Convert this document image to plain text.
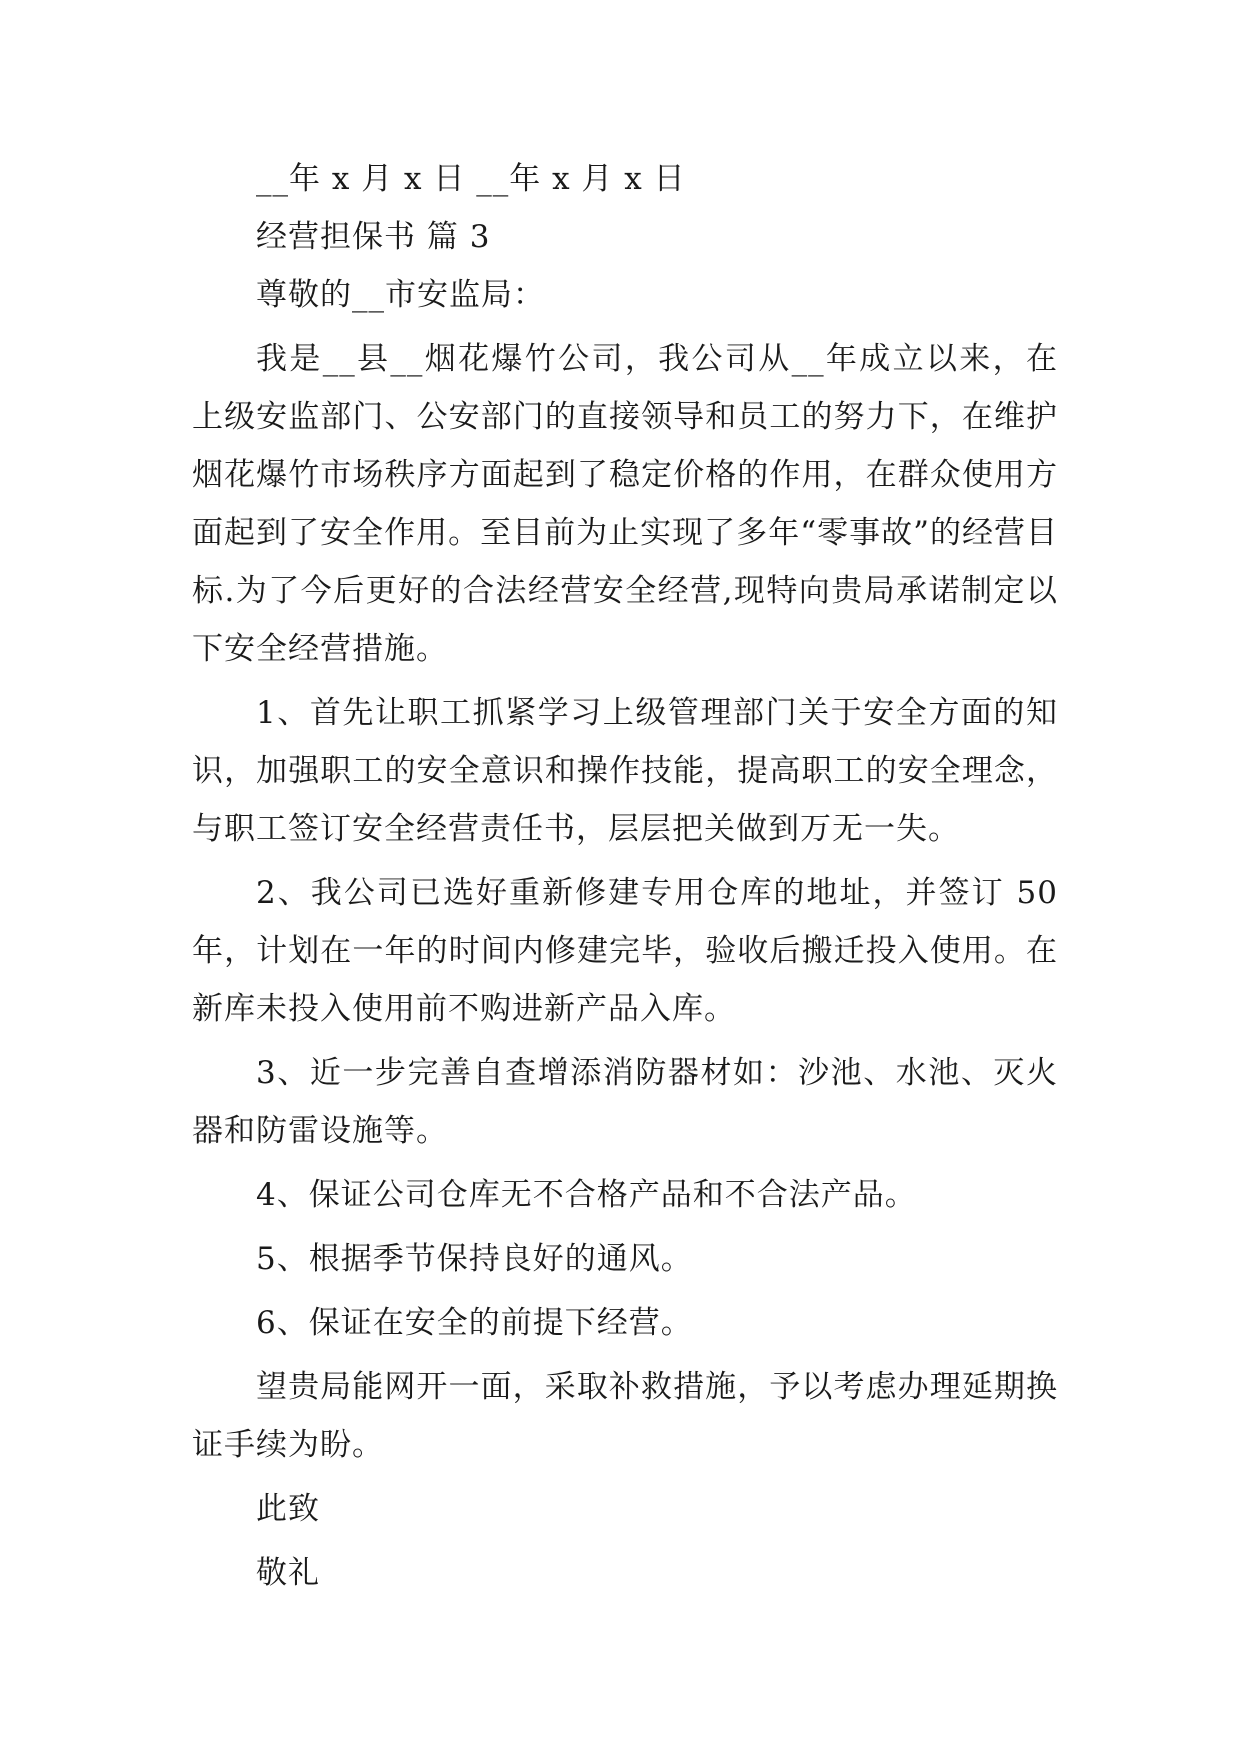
__年 x 月 x 日 __年 x 月 x 日
经营担保书 篇 3
尊敬的__市安监局：

我是__县__烟花爆竹公司，我公司从__年成立以来，在上级安监部门、公安部门的直接领导和员工的努力下，在维护烟花爆竹市场秩序方面起到了稳定价格的作用，在群众使用方面起到了安全作用。至目前为止实现了多年“零事故”的经营目标.为了今后更好的合法经营安全经营,现特向贵局承诺制定以下安全经营措施。

1、首先让职工抓紧学习上级管理部门关于安全方面的知识，加强职工的安全意识和操作技能，提高职工的安全理念，与职工签订安全经营责任书，层层把关做到万无一失。

2、我公司已选好重新修建专用仓库的地址，并签订 50 年，计划在一年的时间内修建完毕，验收后搬迁投入使用。在新库未投入使用前不购进新产品入库。

3、近一步完善自查增添消防器材如：沙池、水池、灭火器和防雷设施等。

4、保证公司仓库无不合格产品和不合法产品。

5、根据季节保持良好的通风。

6、保证在安全的前提下经营。

望贵局能网开一面，采取补救措施，予以考虑办理延期换证手续为盼。

此致
敬礼
